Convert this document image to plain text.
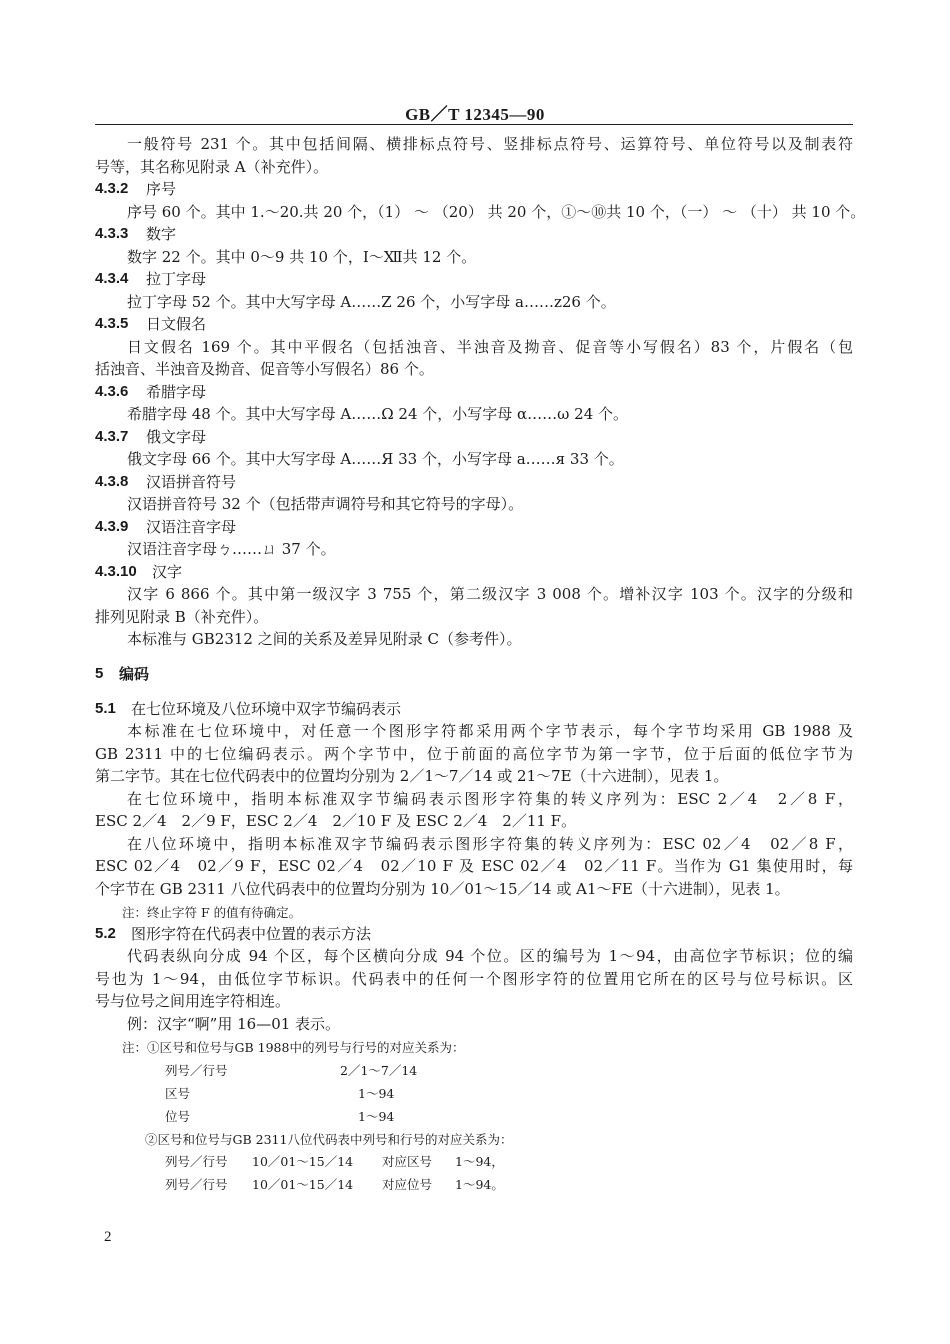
GB／T 12345—90
一般符号 231 个。其中包括间隔、横排标点符号、竖排标点符号、运算符号、单位符号以及制表符
号等，其名称见附录 A（补充件）。
4.3.2 序号
序号 60 个。其中 1.～20.共 20 个，（1） ～ （20） 共 20 个，①～⑩共 10 个，（一） ～ （十） 共 10 个。
4.3.3 数字
数字 22 个。其中 0～9 共 10 个，Ⅰ～Ⅻ共 12 个。
4.3.4 拉丁字母
拉丁字母 52 个。其中大写字母 A……Z 26 个，小写字母 a……z26 个。
4.3.5 日文假名
日文假名 169 个。其中平假名（包括浊音、半浊音及拗音、促音等小写假名）83 个，片假名（包
括浊音、半浊音及拗音、促音等小写假名）86 个。
4.3.6 希腊字母
希腊字母 48 个。其中大写字母 A……Ω 24 个，小写字母 α……ω 24 个。
4.3.7 俄文字母
俄文字母 66 个。其中大写字母 A……Я 33 个，小写字母 a……я 33 个。
4.3.8 汉语拼音符号
汉语拼音符号 32 个（包括带声调符号和其它符号的字母）。
4.3.9 汉语注音字母
汉语注音字母ㄅ……ㄩ 37 个。
4.3.10 汉字
汉字 6 866 个。其中第一级汉字 3 755 个，第二级汉字 3 008 个。增补汉字 103 个。汉字的分级和
排列见附录 B（补充件）。
本标准与 GB2312 之间的关系及差异见附录 C（参考件）。
5 编码
5.1 在七位环境及八位环境中双字节编码表示
本标准在七位环境中，对任意一个图形字符都采用两个字节表示，每个字节均采用 GB 1988 及
GB 2311 中的七位编码表示。两个字节中，位于前面的高位字节为第一字节，位于后面的低位字节为
第二字节。其在七位代码表中的位置均分别为 2／1～7／14 或 21～7E（十六进制），见表 1。
在七位环境中，指明本标准双字节编码表示图形字符集的转义序列为：ESC 2／4　2／8 F，
ESC 2／4　2／9 F，ESC 2／4　2／10 F 及 ESC 2／4　2／11 F。
在八位环境中，指明本标准双字节编码表示图形字符集的转义序列为：ESC 02／4　02／8 F，
ESC 02／4　02／9 F，ESC 02／4　02／10 F 及 ESC 02／4　02／11 F。当作为 G1 集使用时，每
个字节在 GB 2311 八位代码表中的位置均分别为 10／01～15／14 或 A1～FE（十六进制），见表 1。
注：终止字符 F 的值有待确定。
5.2 图形字符在代码表中位置的表示方法
代码表纵向分成 94 个区，每个区横向分成 94 个位。区的编号为 1～94，由高位字节标识；位的编
号也为 1～94，由低位字节标识。代码表中的任何一个图形字符的位置用它所在的区号与位号标识。区
号与位号之间用连字符相连。
例：汉字“啊”用 16—01 表示。
注：①区号和位号与GB 1988中的列号与行号的对应关系为：
列号／行号	2／1～7／14
区号	1～94
位号	1～94
②区号和位号与GB 2311八位代码表中列号和行号的对应关系为：
列号／行号 10／01～15／14 对应区号 1～94，
列号／行号 10／01～15／14 对应位号 1～94。
2
